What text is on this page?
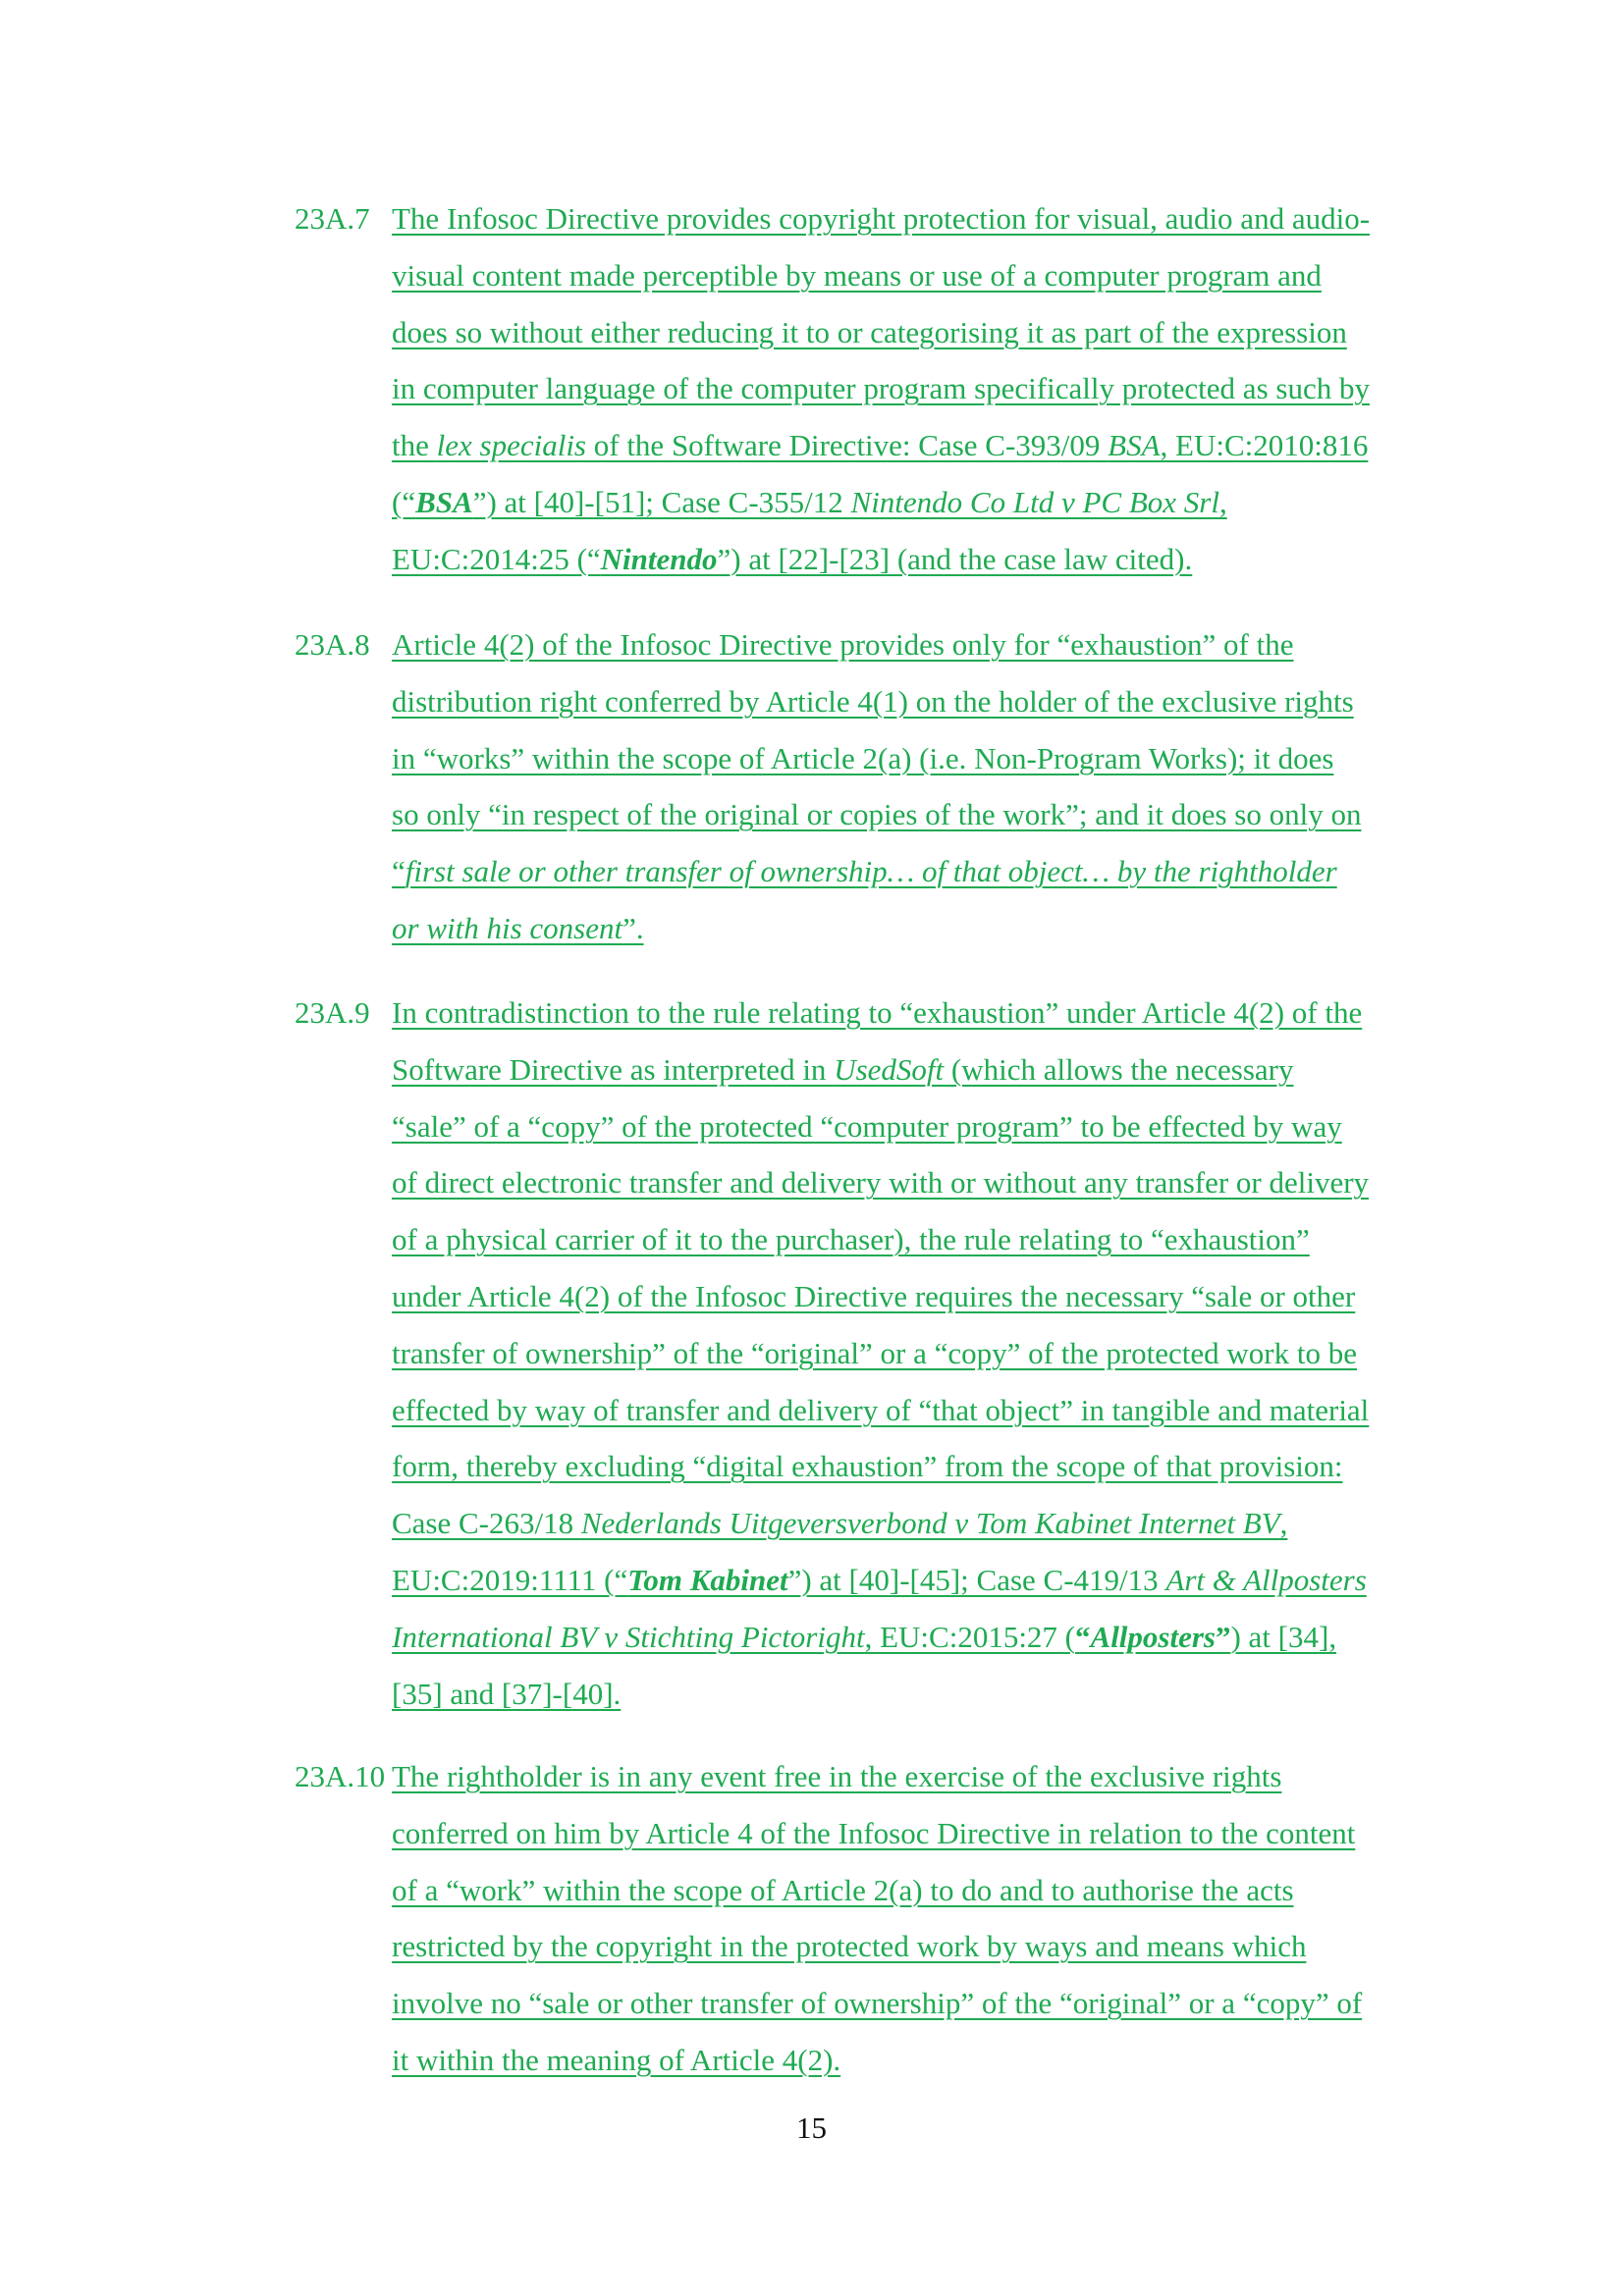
23A.7 The Infosoc Directive provides copyright protection for visual, audio and audio-
visual content made perceptible by means or use of a computer program and
does so without either reducing it to or categorising it as part of the expression
in computer language of the computer program specifically protected as such by
the lex specialis of the Software Directive: Case C-393/09 BSA, EU:C:2010:816
(“BSA”) at [40]-[51]; Case C-355/12 Nintendo Co Ltd v PC Box Srl,
EU:C:2014:25 (“Nintendo”) at [22]-[23] (and the case law cited).
23A.8 Article 4(2) of the Infosoc Directive provides only for “exhaustion” of the
distribution right conferred by Article 4(1) on the holder of the exclusive rights
in “works” within the scope of Article 2(a) (i.e. Non-Program Works); it does
so only “in respect of the original or copies of the work”; and it does so only on
“first sale or other transfer of ownership… of that object… by the rightholder
or with his consent”.
23A.9 In contradistinction to the rule relating to “exhaustion” under Article 4(2) of the
Software Directive as interpreted in UsedSoft (which allows the necessary
“sale” of a “copy” of the protected “computer program” to be effected by way
of direct electronic transfer and delivery with or without any transfer or delivery
of a physical carrier of it to the purchaser), the rule relating to “exhaustion”
under Article 4(2) of the Infosoc Directive requires the necessary “sale or other
transfer of ownership” of the “original” or a “copy” of the protected work to be
effected by way of transfer and delivery of “that object” in tangible and material
form, thereby excluding “digital exhaustion” from the scope of that provision:
Case C-263/18 Nederlands Uitgeversverbond v Tom Kabinet Internet BV,
EU:C:2019:1111 (“Tom Kabinet”) at [40]-[45]; Case C-419/13 Art & Allposters
International BV v Stichting Pictoright, EU:C:2015:27 (“Allposters”) at [34],
[35] and [37]-[40].
23A.10 The rightholder is in any event free in the exercise of the exclusive rights
conferred on him by Article 4 of the Infosoc Directive in relation to the content
of a “work” within the scope of Article 2(a) to do and to authorise the acts
restricted by the copyright in the protected work by ways and means which
involve no “sale or other transfer of ownership” of the “original” or a “copy” of
it within the meaning of Article 4(2).
15
